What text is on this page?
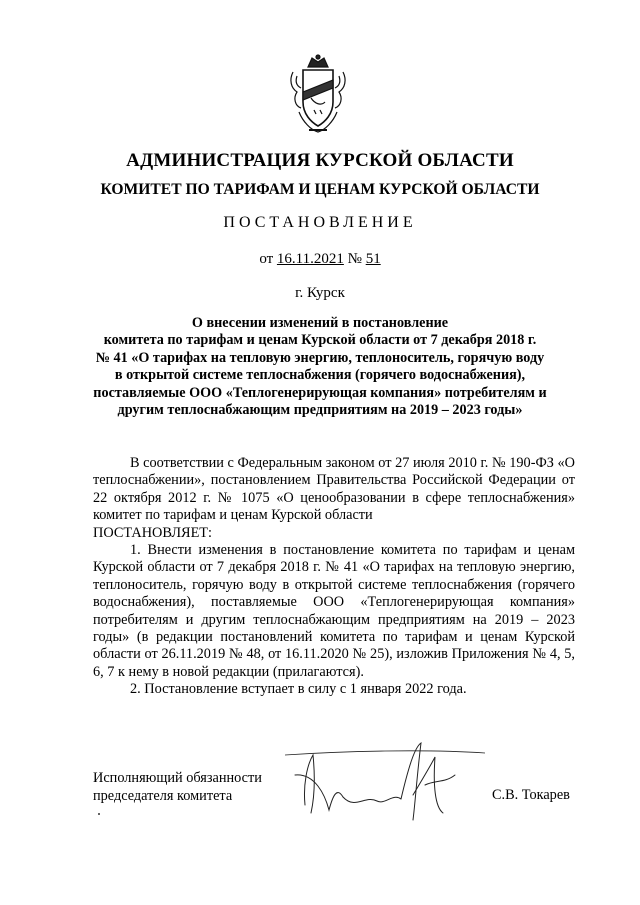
АДМИНИСТРАЦИЯ КУРСКОЙ ОБЛАСТИ
КОМИТЕТ ПО ТАРИФАМ И ЦЕНАМ КУРСКОЙ ОБЛАСТИ
ПОСТАНОВЛЕНИЕ
от 16.11.2021 № 51
г. Курск
О внесении изменений в постановление
комитета по тарифам и ценам Курской области от 7 декабря 2018 г.
№ 41 «О тарифах на тепловую энергию, теплоноситель, горячую воду
в открытой системе теплоснабжения (горячего водоснабжения),
поставляемые ООО «Теплогенерирующая компания» потребителям и
другим теплоснабжающим предприятиям на 2019 – 2023 годы»

В соответствии с Федеральным законом от 27 июля 2010 г. № 190-ФЗ «О теплоснабжении», постановлением Правительства Российской Федерации от 22 октября 2012 г. № 1075 «О ценообразовании в сфере теплоснабжения» комитет по тарифам и ценам Курской области

ПОСТАНОВЛЯЕТ:

1. Внести изменения в постановление комитета по тарифам и ценам Курской области от 7 декабря 2018 г. № 41 «О тарифах на тепловую энергию, теплоноситель, горячую воду в открытой системе теплоснабжения (горячего водоснабжения), поставляемые ООО «Теплогенерирующая компания» потребителям и другим теплоснабжающим предприятиям на 2019 – 2023 годы» (в редакции постановлений комитета по тарифам и ценам Курской области от 26.11.2019 № 48, от 16.11.2020 № 25), изложив Приложения № 4, 5, 6, 7 к нему в новой редакции (прилагаются).

2. Постановление вступает в силу с 1 января 2022 года.

Исполняющий обязанности
председателя комитета	С.В. Токарев
